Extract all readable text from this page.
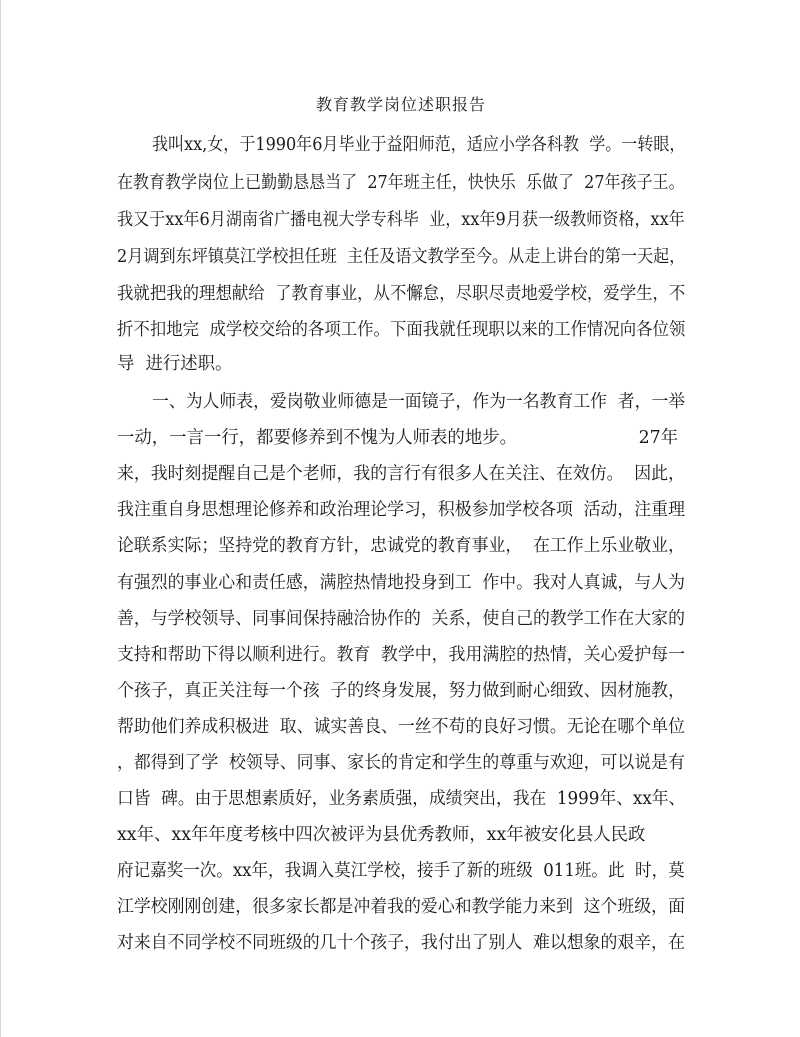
教育教学岗位述职报告
我叫xx,女，于1990年6月毕业于益阳师范，适应小学各科教  学。一转眼，
在教育教学岗位上已勤勤恳恳当了  27年班主任，快快乐  乐做了  27年孩子王。
我又于xx年6月湖南省广播电视大学专科毕  业，xx年9月获一级教师资格，xx年
2月调到东坪镇莫江学校担任班  主任及语文教学至今。从走上讲台的第一天起，
我就把我的理想献给  了教育事业，从不懈怠，尽职尽责地爱学校，爱学生，不
折不扣地完  成学校交给的各项工作。下面我就任现职以来的工作情况向各位领
导  进行述职。
一、为人师表，爱岗敬业师德是一面镜子，作为一名教育工作  者，一举
一动，一言一行，都要修养到不愧为人师表的地步。                      27年
来，我时刻提醒自己是个老师，我的言行有很多人在关注、在效仿。  因此，
我注重自身思想理论修养和政治理论学习，积极参加学校各项  活动，注重理
论联系实际；坚持党的教育方针，忠诚党的教育事业，  在工作上乐业敬业，
有强烈的事业心和责任感，满腔热情地投身到工  作中。我对人真诚，与人为
善，与学校领导、同事间保持融洽协作的  关系，使自己的教学工作在大家的
支持和帮助下得以顺利进行。教育  教学中，我用满腔的热情，关心爱护每一
个孩子，真正关注每一个孩  子的终身发展，努力做到耐心细致、因材施教，
帮助他们养成积极进  取、诚实善良、一丝不苟的良好习惯。无论在哪个单位
，都得到了学  校领导、同事、家长的肯定和学生的尊重与欢迎，可以说是有
口皆  碑。由于思想素质好，业务素质强，成绩突出，我在  1999年、xx年、
xx年、xx年年度考核中四次被评为县优秀教师，xx年被安化县人民政
府记嘉奖一次。xx年，我调入莫江学校，接手了新的班级  011班。此  时，莫
江学校刚刚创建，很多家长都是冲着我的爱心和教学能力来到  这个班级，面
对来自不同学校不同班级的几十个孩子，我付出了别人  难以想象的艰辛，在
